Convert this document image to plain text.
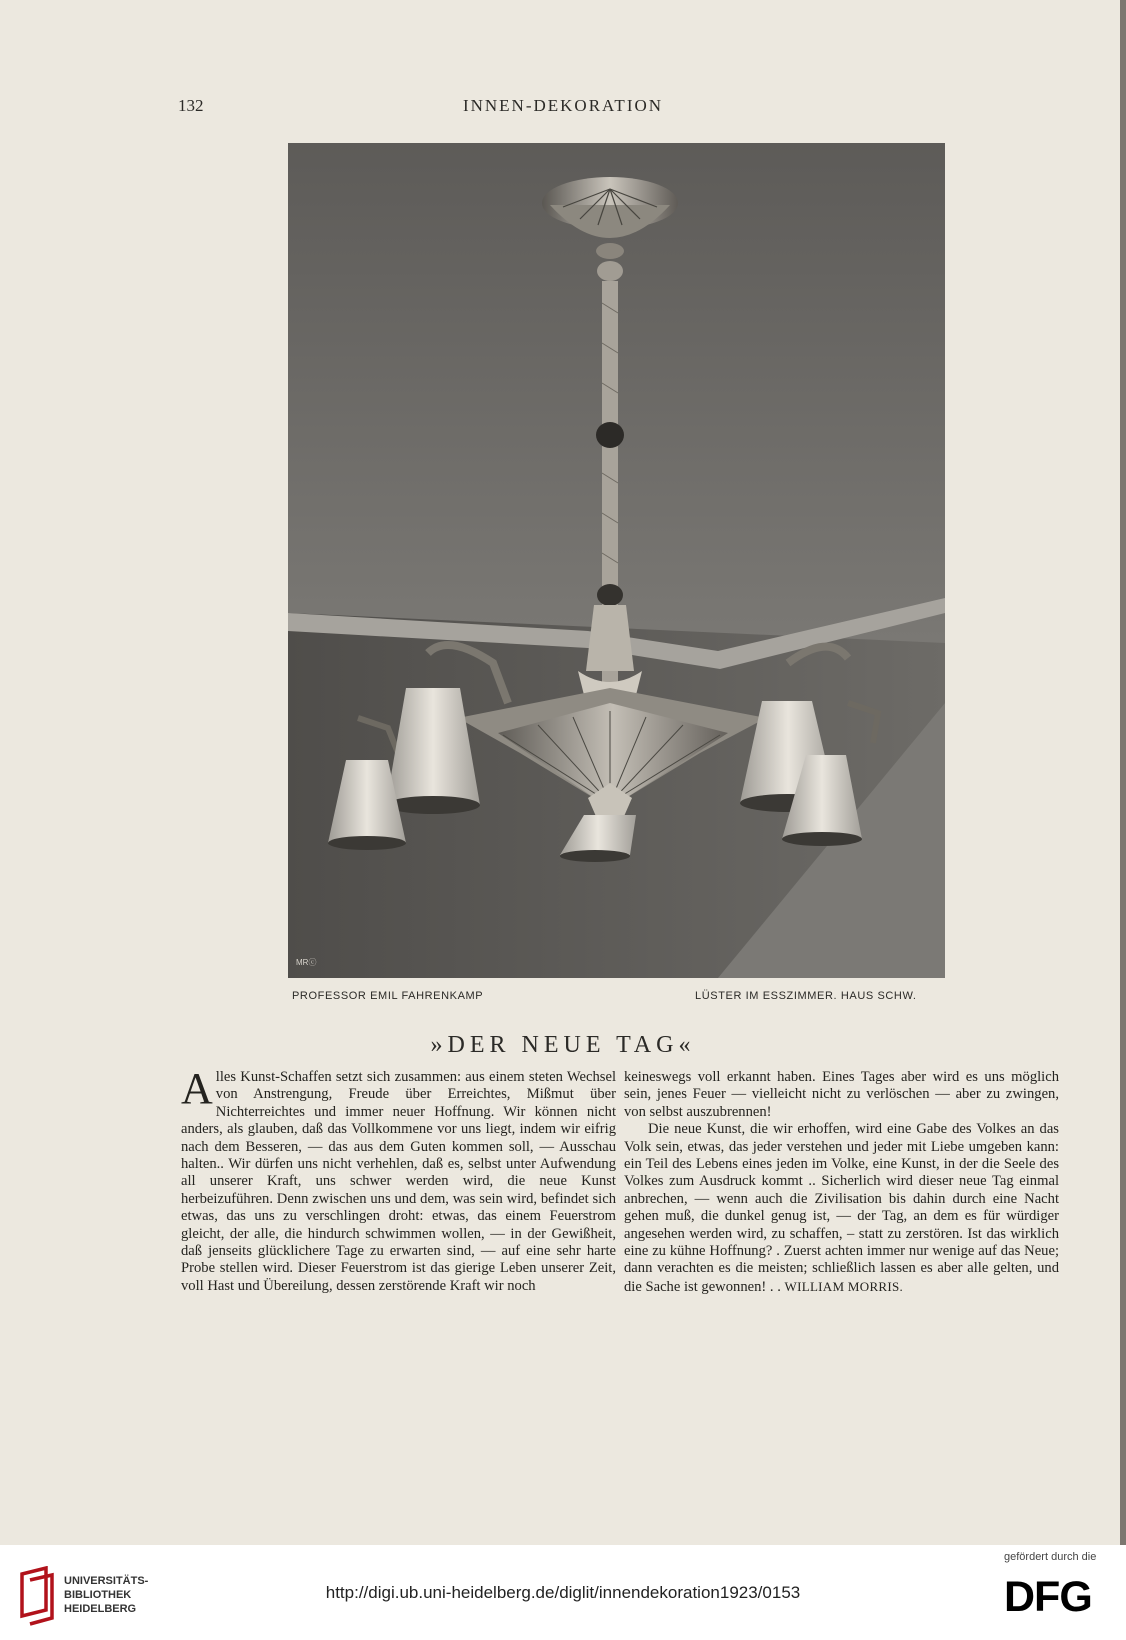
132	INNEN-DEKORATION
MRⓒ
PROFESSOR EMIL FAHRENKAMP	LÜSTER IM ESSZIMMER. HAUS SCHW.
»DER NEUE TAG«

Alles Kunst-Schaffen setzt sich zusammen: aus einem steten Wechsel von Anstrengung, Freude über Erreichtes, Mißmut über Nichterreichtes und immer neuer Hoffnung. Wir können nicht anders, als glauben, daß das Vollkommene vor uns liegt, indem wir eifrig nach dem Besseren, — das aus dem Guten kommen soll, — Ausschau halten.. Wir dürfen uns nicht verhehlen, daß es, selbst unter Aufwendung all unserer Kraft, uns schwer werden wird, die neue Kunst herbeizuführen. Denn zwischen uns und dem, was sein wird, befindet sich etwas, das uns zu verschlingen droht: etwas, das einem Feuerstrom gleicht, der alle, die hindurch schwimmen wollen, — in der Gewißheit, daß jenseits glücklichere Tage zu erwarten sind, — auf eine sehr harte Probe stellen wird. Dieser Feuerstrom ist das gierige Leben unserer Zeit, voll Hast und Übereilung, dessen zerstörende Kraft wir noch

keineswegs voll erkannt haben. Eines Tages aber wird es uns möglich sein, jenes Feuer — vielleicht nicht zu verlöschen — aber zu zwingen, von selbst auszubrennen!

Die neue Kunst, die wir erhoffen, wird eine Gabe des Volkes an das Volk sein, etwas, das jeder verstehen und jeder mit Liebe umgeben kann: ein Teil des Lebens eines jeden im Volke, eine Kunst, in der die Seele des Volkes zum Ausdruck kommt .. Sicherlich wird dieser neue Tag einmal anbrechen, — wenn auch die Zivilisation bis dahin durch eine Nacht gehen muß, die dunkel genug ist, — der Tag, an dem es für würdiger angesehen werden wird, zu schaffen, – statt zu zerstören. Ist das wirklich eine zu kühne Hoffnung? . Zuerst achten immer nur wenige auf das Neue; dann verachten es die meisten; schließlich lassen es aber alle gelten, und die Sache ist gewonnen! . . WILLIAM MORRIS.

UNIVERSITÄTS-
BIBLIOTHEK
HEIDELBERG
http://digi.ub.uni-heidelberg.de/diglit/innendekoration1923/0153
gefördert durch die
DFG
